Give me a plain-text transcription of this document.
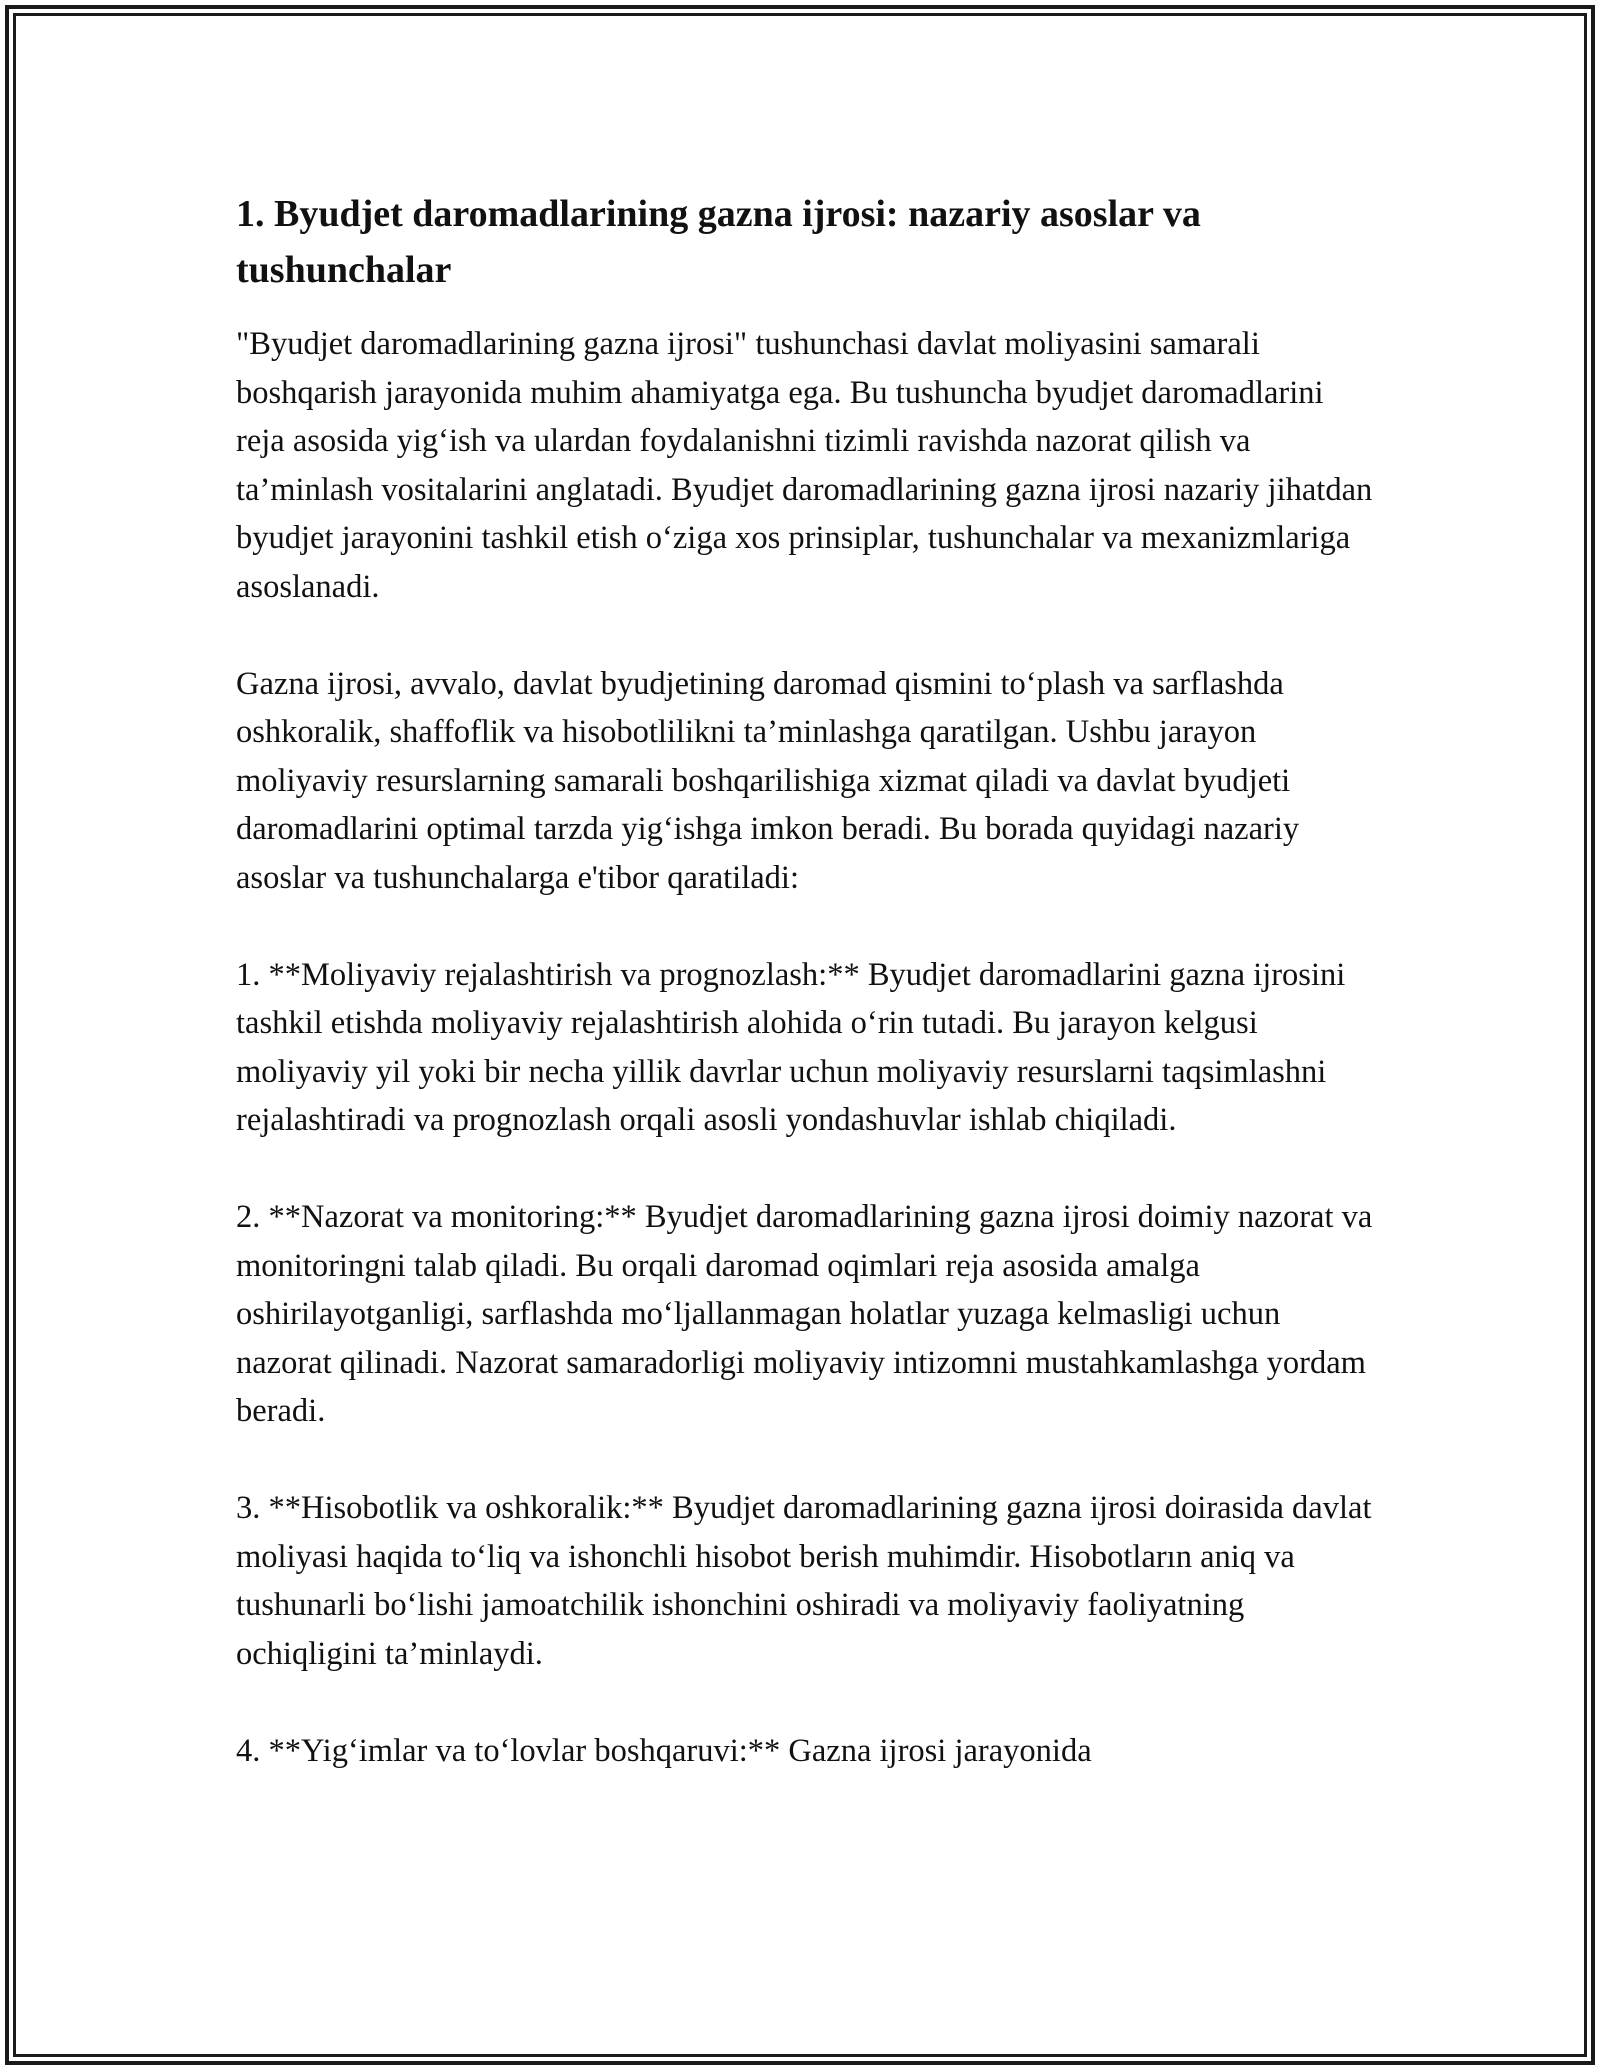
1. Byudjet daromadlarining gazna ijrosi: nazariy asoslar va tushunchalar

"Byudjet daromadlarining gazna ijrosi" tushunchasi davlat moliyasini samarali boshqarish jarayonida muhim ahamiyatga ega. Bu tushuncha byudjet daromadlarini reja asosida yig‘ish va ulardan foydalanishni tizimli ravishda nazorat qilish va ta’minlash vositalarini anglatadi. Byudjet daromadlarining gazna ijrosi nazariy jihatdan byudjet jarayonini tashkil etish o‘ziga xos prinsiplar, tushunchalar va mexanizmlariga asoslanadi.

Gazna ijrosi, avvalo, davlat byudjetining daromad qismini to‘plash va sarflashda oshkoralik, shaffoflik va hisobotlilikni ta’minlashga qaratilgan. Ushbu jarayon moliyaviy resurslarning samarali boshqarilishiga xizmat qiladi va davlat byudjeti daromadlarini optimal tarzda yig‘ishga imkon beradi. Bu borada quyidagi nazariy asoslar va tushunchalarga e'tibor qaratiladi:

1. **Moliyaviy rejalashtirish va prognozlash:** Byudjet daromadlarini gazna ijrosini tashkil etishda moliyaviy rejalashtirish alohida o‘rin tutadi. Bu jarayon kelgusi moliyaviy yil yoki bir necha yillik davrlar uchun moliyaviy resurslarni taqsimlashni rejalashtiradi va prognozlash orqali asosli yondashuvlar ishlab chiqiladi.

2. **Nazorat va monitoring:** Byudjet daromadlarining gazna ijrosi doimiy nazorat va monitoringni talab qiladi. Bu orqali daromad oqimlari reja asosida amalga oshirilayotganligi, sarflashda mo‘ljallanmagan holatlar yuzaga kelmasligi uchun nazorat qilinadi. Nazorat samaradorligi moliyaviy intizomni mustahkamlashga yordam beradi.

3. **Hisobotlik va oshkoralik:** Byudjet daromadlarining gazna ijrosi doirasida davlat moliyasi haqida to‘liq va ishonchli hisobot berish muhimdir. Hisobotların aniq va tushunarli bo‘lishi jamoatchilik ishonchini oshiradi va moliyaviy faoliyatning ochiqligini ta’minlaydi.

4. **Yig‘imlar va to‘lovlar boshqaruvi:** Gazna ijrosi jarayonida
